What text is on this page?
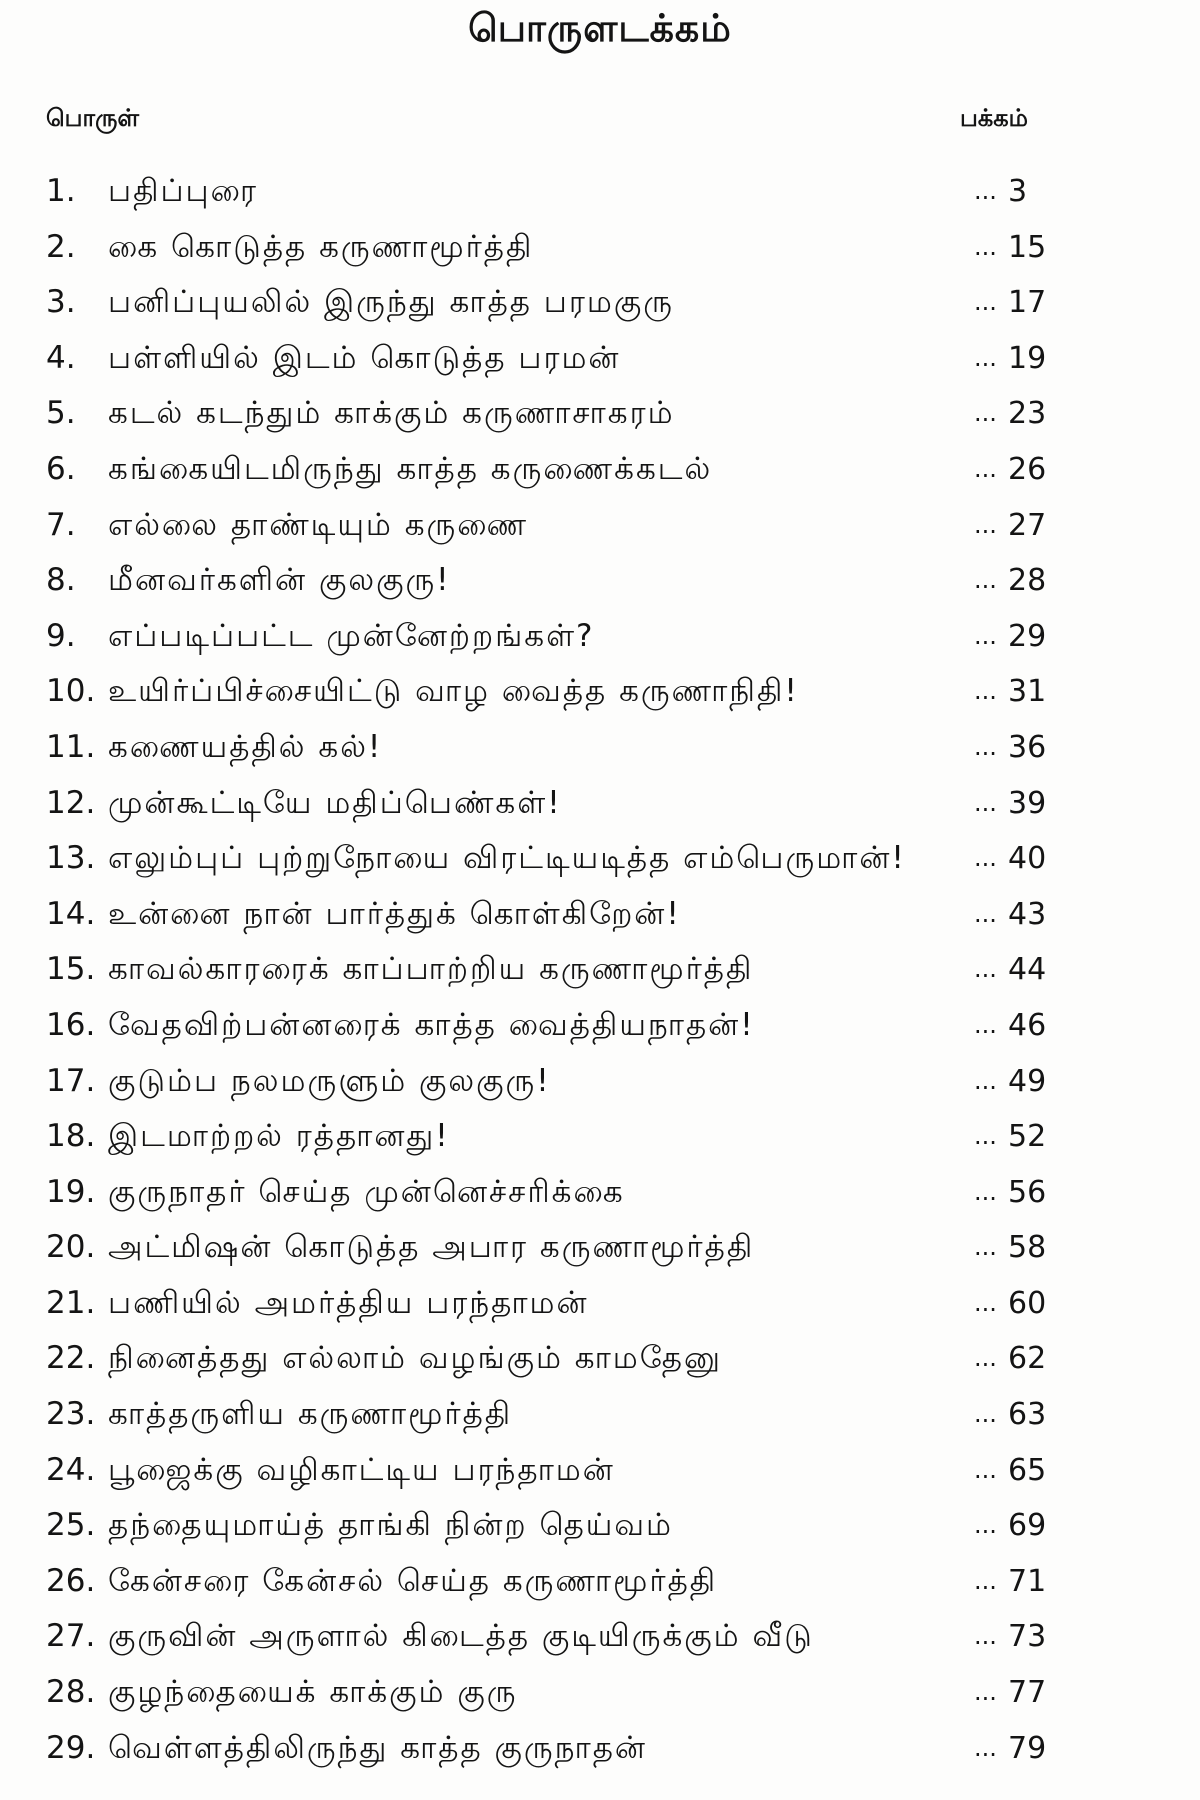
பொருளடக்கம்
பொருள்	பக்கம்
1.	பதிப்புரை	... 3
2.	கை கொடுத்த கருணாமூர்த்தி	... 15
3.	பனிப்புயலில் இருந்து காத்த பரமகுரு	... 17
4.	பள்ளியில் இடம் கொடுத்த பரமன்	... 19
5.	கடல் கடந்தும் காக்கும் கருணாசாகரம்	... 23
6.	கங்கையிடமிருந்து காத்த கருணைக்கடல்	... 26
7.	எல்லை தாண்டியும் கருணை	... 27
8.	மீனவர்களின் குலகுரு!	... 28
9.	எப்படிப்பட்ட முன்னேற்றங்கள்?	... 29
10. உயிர்ப்பிச்சையிட்டு வாழ வைத்த கருணாநிதி!	... 31
11. கணையத்தில் கல்!	... 36
12. முன்கூட்டியே மதிப்பெண்கள்!	... 39
13. எலும்புப் புற்றுநோயை விரட்டியடித்த எம்பெருமான்!	... 40
14. உன்னை நான் பார்த்துக் கொள்கிறேன்!	... 43
15. காவல்காரரைக் காப்பாற்றிய கருணாமூர்த்தி	... 44
16. வேதவிற்பன்னரைக் காத்த வைத்தியநாதன்!	... 46
17. குடும்ப நலமருளும் குலகுரு!	... 49
18. இடமாற்றல் ரத்தானது!	... 52
19. குருநாதர் செய்த முன்னெச்சரிக்கை	... 56
20. அட்மிஷன் கொடுத்த அபார கருணாமூர்த்தி	... 58
21. பணியில் அமர்த்திய பரந்தாமன்	... 60
22. நினைத்தது எல்லாம் வழங்கும் காமதேனு	... 62
23. காத்தருளிய கருணாமூர்த்தி	... 63
24. பூஜைக்கு வழிகாட்டிய பரந்தாமன்	... 65
25. தந்தையுமாய்த் தாங்கி நின்ற தெய்வம்	... 69
26. கேன்சரை கேன்சல் செய்த கருணாமூர்த்தி	... 71
27. குருவின் அருளால் கிடைத்த குடியிருக்கும் வீடு	... 73
28. குழந்தையைக் காக்கும் குரு	... 77
29. வெள்ளத்திலிருந்து காத்த குருநாதன்	... 79
